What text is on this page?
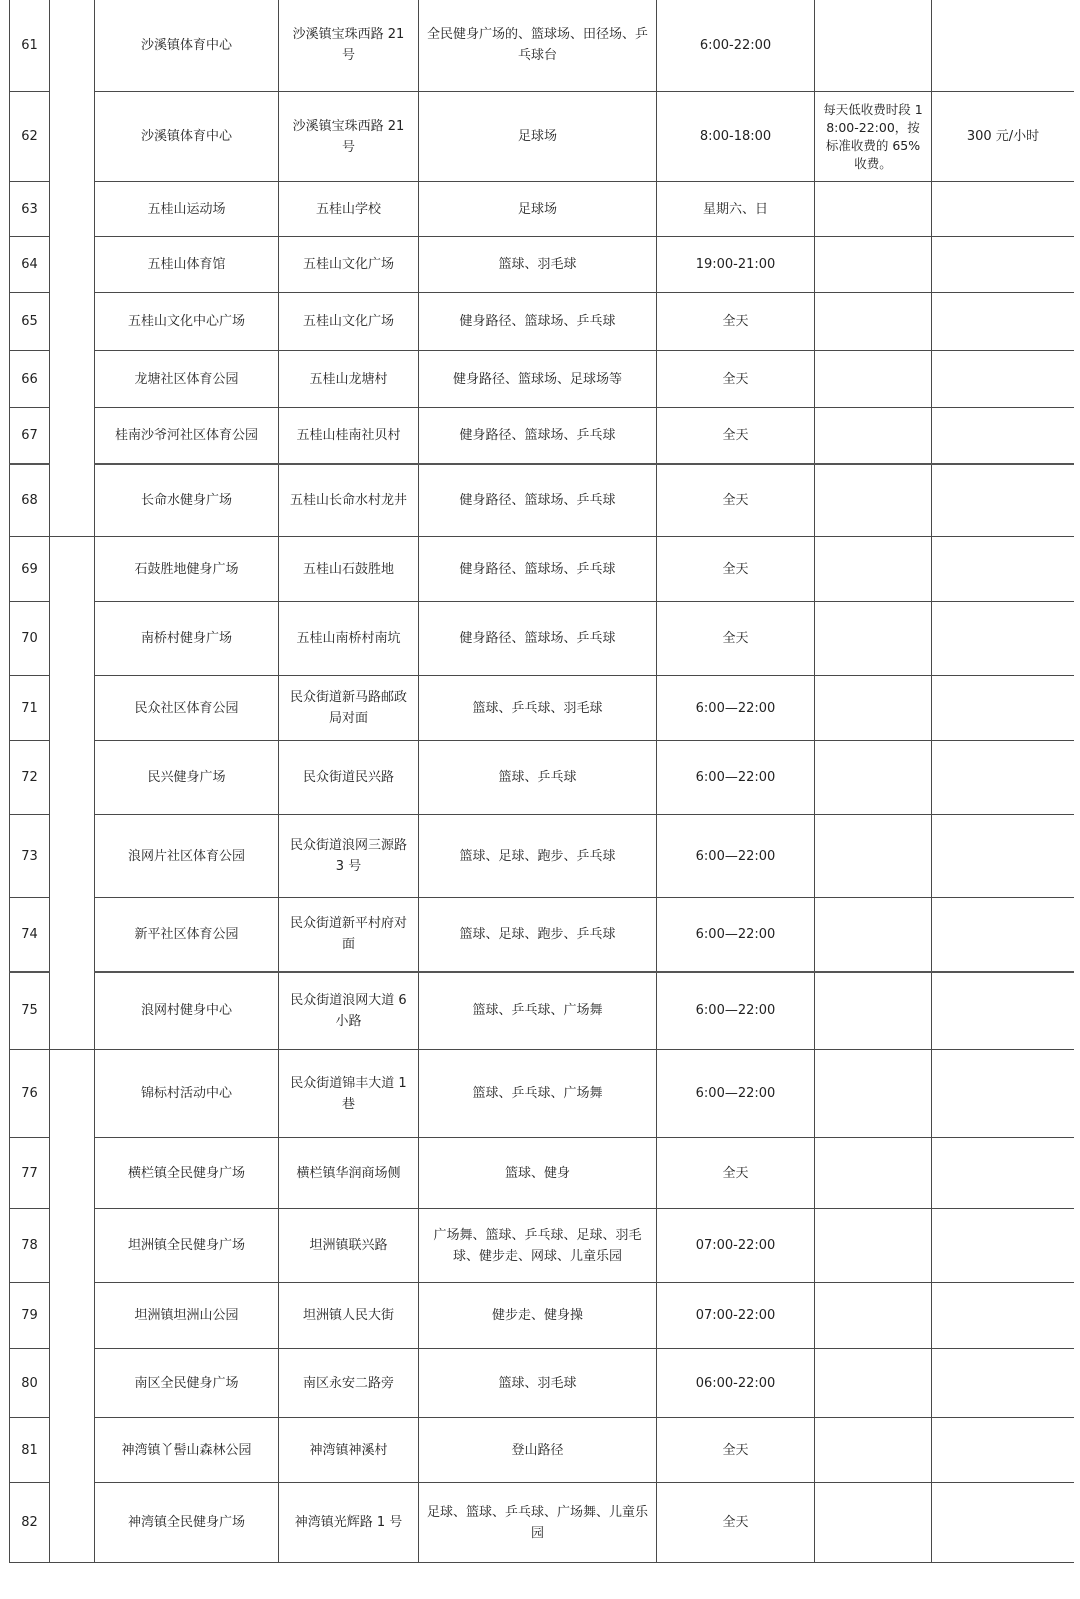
61		沙溪镇体育中心	沙溪镇宝珠西路 21 号	全民健身广场的、篮球场、田径场、乒乓球台	6:00-22:00		
62		沙溪镇体育中心	沙溪镇宝珠西路 21 号	足球场	8:00-18:00	每天低收费时段 18:00-22:00，按标准收费的 65%收费。	300 元/小时
63		五桂山运动场	五桂山学校	足球场	星期六、日		
64		五桂山体育馆	五桂山文化广场	篮球、羽毛球	19:00-21:00		
65		五桂山文化中心广场	五桂山文化广场	健身路径、篮球场、乒乓球	全天		
66		龙塘社区体育公园	五桂山龙塘村	健身路径、篮球场、足球场等	全天		
67		桂南沙爷河社区体育公园	五桂山桂南社贝村	健身路径、篮球场、乒乓球	全天		
68		长命水健身广场	五桂山长命水村龙井	健身路径、篮球场、乒乓球	全天		
69		石鼓胜地健身广场	五桂山石鼓胜地	健身路径、篮球场、乒乓球	全天		
70		南桥村健身广场	五桂山南桥村南坑	健身路径、篮球场、乒乓球	全天		
71		民众社区体育公园	民众街道新马路邮政局对面	篮球、乒乓球、羽毛球	6:00—22:00		
72		民兴健身广场	民众街道民兴路	篮球、乒乓球	6:00—22:00		
73		浪网片社区体育公园	民众街道浪网三源路 3 号	篮球、足球、跑步、乒乓球	6:00—22:00		
74		新平社区体育公园	民众街道新平村府对面	篮球、足球、跑步、乒乓球	6:00—22:00		
75		浪网村健身中心	民众街道浪网大道 6 小路	篮球、乒乓球、广场舞	6:00—22:00		
76		锦标村活动中心	民众街道锦丰大道 1 巷	篮球、乒乓球、广场舞	6:00—22:00		
77		横栏镇全民健身广场	横栏镇华润商场侧	篮球、健身	全天		
78		坦洲镇全民健身广场	坦洲镇联兴路	广场舞、篮球、乒乓球、足球、羽毛球、健步走、网球、儿童乐园	07:00-22:00		
79		坦洲镇坦洲山公园	坦洲镇人民大街	健步走、健身操	07:00-22:00		
80		南区全民健身广场	南区永安二路旁	篮球、羽毛球	06:00-22:00		
81		神湾镇丫髻山森林公园	神湾镇神溪村	登山路径	全天		
82		神湾镇全民健身广场	神湾镇光辉路 1 号	足球、篮球、乒乓球、广场舞、儿童乐园	全天		
